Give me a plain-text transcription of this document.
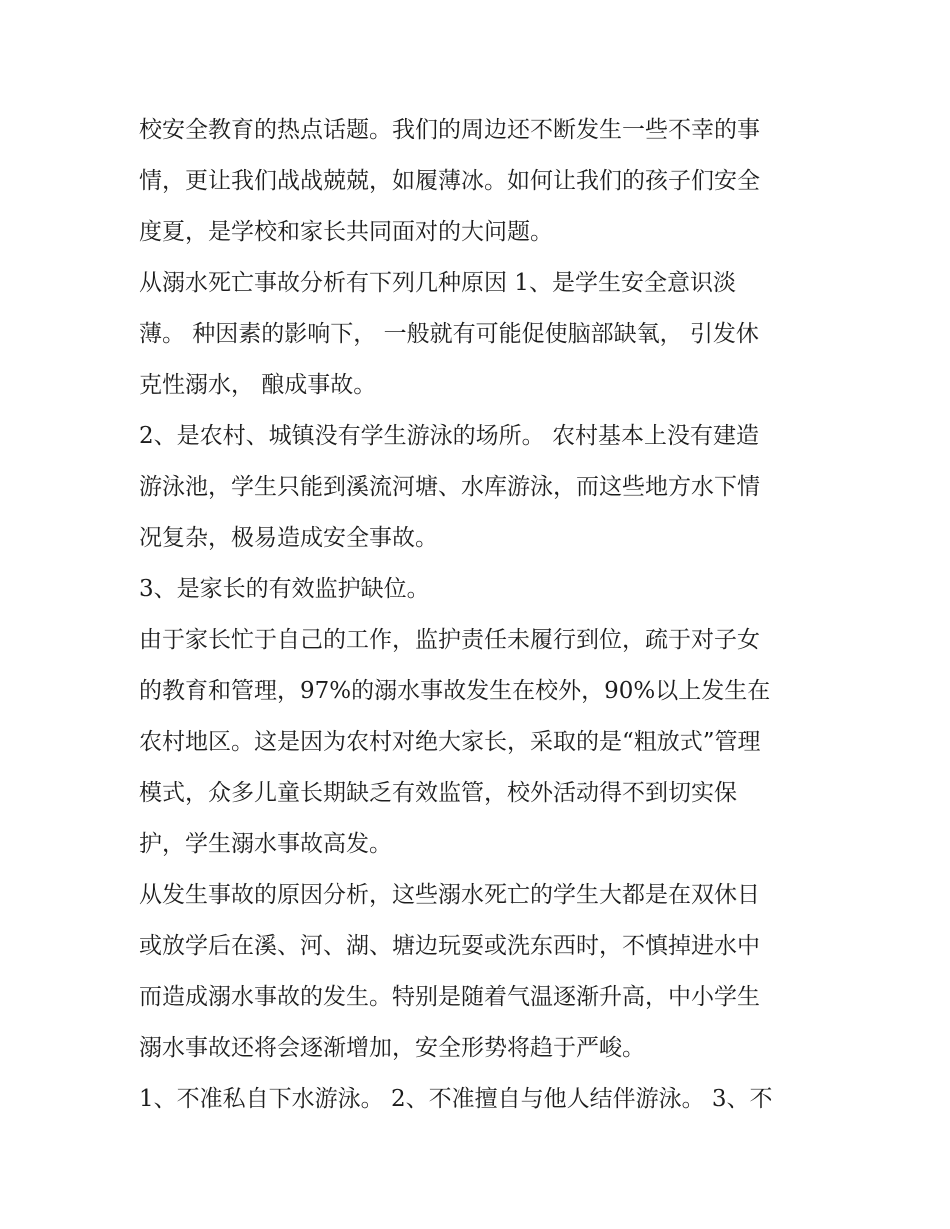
校安全教育的热点话题。我们的周边还不断发生一些不幸的事
情，更让我们战战兢兢，如履薄冰。如何让我们的孩子们安全
度夏，是学校和家长共同面对的大问题。
从溺水死亡事故分析有下列几种原因 1、是学生安全意识淡
薄。 种因素的影响下， 一般就有可能促使脑部缺氧， 引发休
克性溺水， 酿成事故。
2、是农村、城镇没有学生游泳的场所。 农村基本上没有建造
游泳池，学生只能到溪流河塘、水库游泳，而这些地方水下情
况复杂，极易造成安全事故。
3、是家长的有效监护缺位。
由于家长忙于自己的工作，监护责任未履行到位，疏于对子女
的教育和管理，97%的溺水事故发生在校外，90%以上发生在
农村地区。这是因为农村对绝大家长，采取的是“粗放式”管理
模式，众多儿童长期缺乏有效监管，校外活动得不到切实保
护，学生溺水事故高发。
从发生事故的原因分析，这些溺水死亡的学生大都是在双休日
或放学后在溪、河、湖、塘边玩耍或洗东西时，不慎掉进水中
而造成溺水事故的发生。特别是随着气温逐渐升高，中小学生
溺水事故还将会逐渐增加，安全形势将趋于严峻。
1、不准私自下水游泳。 2、不准擅自与他人结伴游泳。 3、不
